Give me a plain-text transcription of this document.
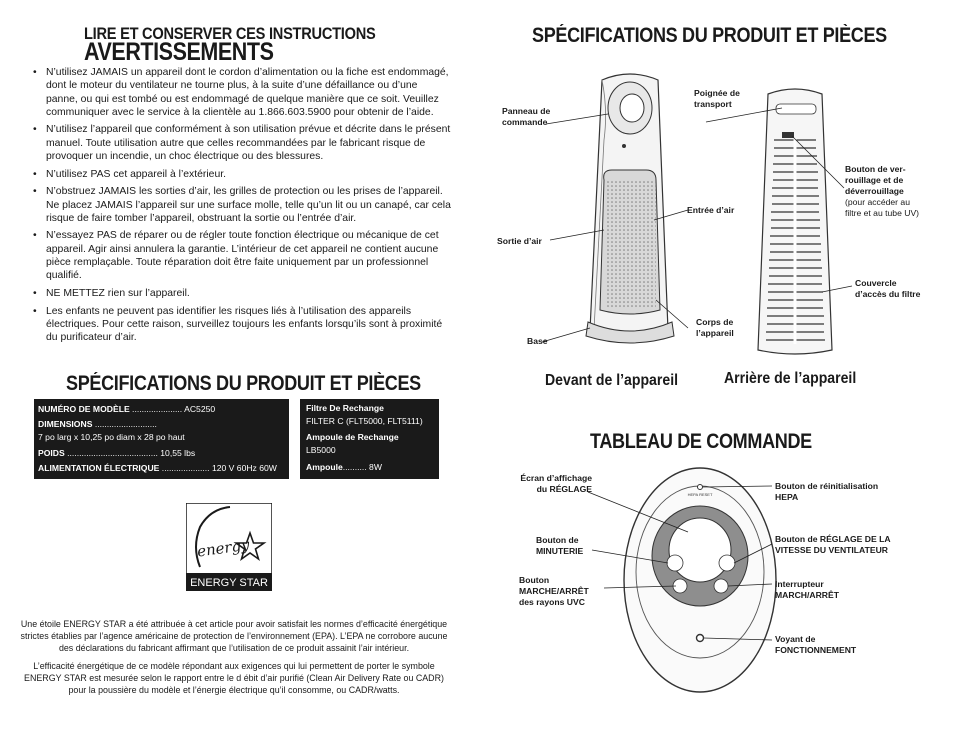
LIRE ET CONSERVER CES INSTRUCTIONS
AVERTISSEMENTS
• N’utilisez JAMAIS un appareil dont le cordon d’alimentation ou la fiche est endommagé, dont le moteur du ventilateur ne tourne plus, à la suite d’une défaillance ou d’une panne, ou qui est tombé ou est endommagé de quelque manière que ce soit. Veuillez communiquer avec le service à la clientèle au 1.866.603.5900 pour obtenir de l’aide.
• N’utilisez l’appareil que conformément à son utilisation prévue et décrite dans le présent manuel. Toute utilisation autre que celles recommandées par le fabricant risque de provoquer un incendie, un choc électrique ou des blessures.
• N’utilisez PAS cet appareil à l’extérieur.
• N’obstruez JAMAIS les sorties d’air, les grilles de protection ou les prises de l’appareil. Ne placez JAMAIS l’appareil sur une surface molle, telle qu’un lit ou un canapé, car cela risque de faire tomber l’appareil, obstruant la sortie ou l’entrée d’air.
• N’essayez PAS de réparer ou de régler toute fonction électrique ou mécanique de cet appareil. Agir ainsi annulera la garantie. L’intérieur de cet appareil ne contient aucune pièce remplaçable. Toute réparation doit être faite uniquement par un professionnel qualifié.
• NE METTEZ rien sur l’appareil.
• Les enfants ne peuvent pas identifier les risques liés à l’utilisation des appareils électriques. Pour cette raison, surveillez toujours les enfants lorsqu’ils sont à proximité du purificateur d’air.
SPÉCIFICATIONS DU PRODUIT ET PIÈCES
NUMÉRO DE MODÈLE ..................... AC5250
DIMENSIONS ..........................
7 po larg x 10,25 po diam x 28 po haut
POIDS ...................................... 10,55 lbs
ALIMENTATION ÉLECTRIQUE .................... 120 V 60Hz 60W
Filtre De Rechange
FILTER C (FLT5000, FLT5111)
Ampoule de Rechange
LB5000
Ampoule.......... 8W
energy
ENERGY STAR
Une étoile ENERGY STAR a été attribuée à cet article pour avoir satisfait les normes d’efficacité énergétique strictes établies par l’agence américaine de protection de l’environnement (EPA). L’EPA ne corrobore aucune des déclarations du fabricant affirmant que l’utilisation de ce produit assainit l’air intérieur.
L’efficacité énergétique de ce modèle répondant aux exigences qui lui permettent de porter le symbole ENERGY STAR est mesurée selon le rapport entre le d ébit d’air purifié (Clean Air Delivery Rate ou CADR) pour la poussière du modèle et l’énergie électrique qu’il consomme, ou CADR/watts.
SPÉCIFICATIONS DU PRODUIT ET PIÈCES
Panneau de
commande
Sortie d’air
Base
Entrée d’air
Corps de
l’appareil
Poignée de
transport
Bouton de ver-
rouillage et de
déverrouillage
(pour accéder au
filtre et au tube UV)
Couvercle
d’accès du filtre
Devant de l’appareil	Arrière de l’appareil
TABLEAU DE COMMANDE
HEPA RESET
Écran d’affichage
du RÉGLAGE
Bouton de
MINUTERIE
Bouton
MARCHE/ARRÊT
des rayons UVC
Bouton de réinitialisation
HEPA
Bouton de RÉGLAGE DE LA
VITESSE DU VENTILATEUR
Interrupteur
MARCH/ARRÊT
Voyant de
FONCTIONNEMENT
